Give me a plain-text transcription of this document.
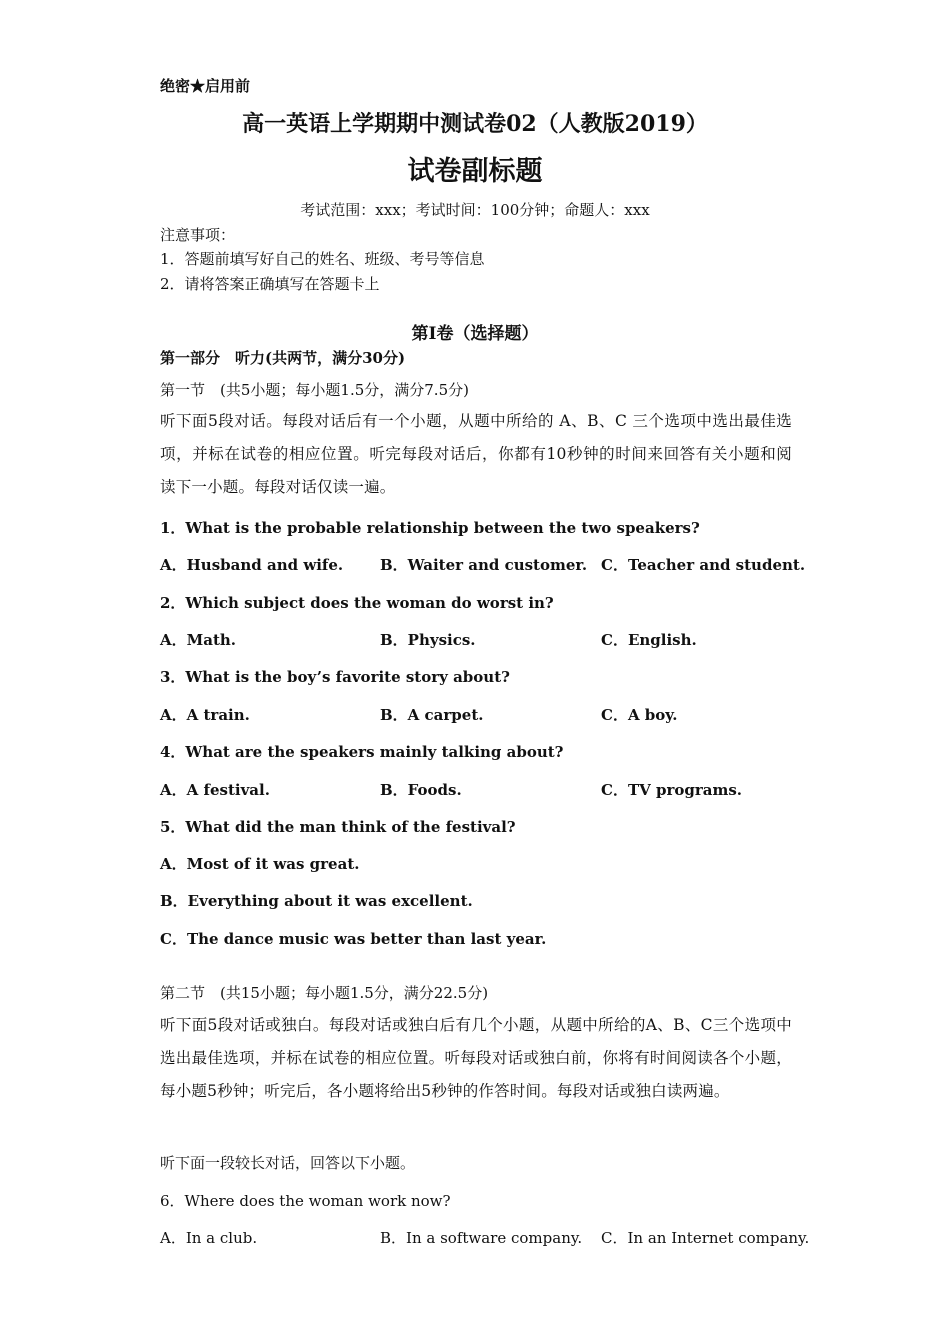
绝密★启用前
高一英语上学期期中测试卷02（人教版2019）
试卷副标题
考试范围：xxx；考试时间：100分钟；命题人：xxx
注意事项：
1．答题前填写好自己的姓名、班级、考号等信息
2．请将答案正确填写在答题卡上
第I卷（选择题）
第一部分　听力(共两节，满分30分)
第一节　(共5小题；每小题1.5分，满分7.5分)
听下面5段对话。每段对话后有一个小题，从题中所给的 A、B、C 三个选项中选出最佳选项，并标在试卷的相应位置。听完每段对话后，你都有10秒钟的时间来回答有关小题和阅读下一小题。每段对话仅读一遍。
1．What is the probable relationship between the two speakers?
A．Husband and wife. B．Waiter and customer. C．Teacher and student.
2．Which subject does the woman do worst in?
A．Math.	B．Physics.	C．English.
3．What is the boy’s favorite story about?
A．A train.	B．A carpet.	C．A boy.
4．What are the speakers mainly talking about?
A．A festival.	B．Foods.	C．TV programs.
5．What did the man think of the festival?
A．Most of it was great.
B．Everything about it was excellent.
C．The dance music was better than last year.
第二节　(共15小题；每小题1.5分，满分22.5分)
听下面5段对话或独白。每段对话或独白后有几个小题，从题中所给的A、B、C三个选项中选出最佳选项，并标在试卷的相应位置。听每段对话或独白前，你将有时间阅读各个小题，每小题5秒钟；听完后，各小题将给出5秒钟的作答时间。每段对话或独白读两遍。
听下面一段较长对话，回答以下小题。
6．Where does the woman work now?
A．In a club.	B．In a software company. C．In an Internet company.
